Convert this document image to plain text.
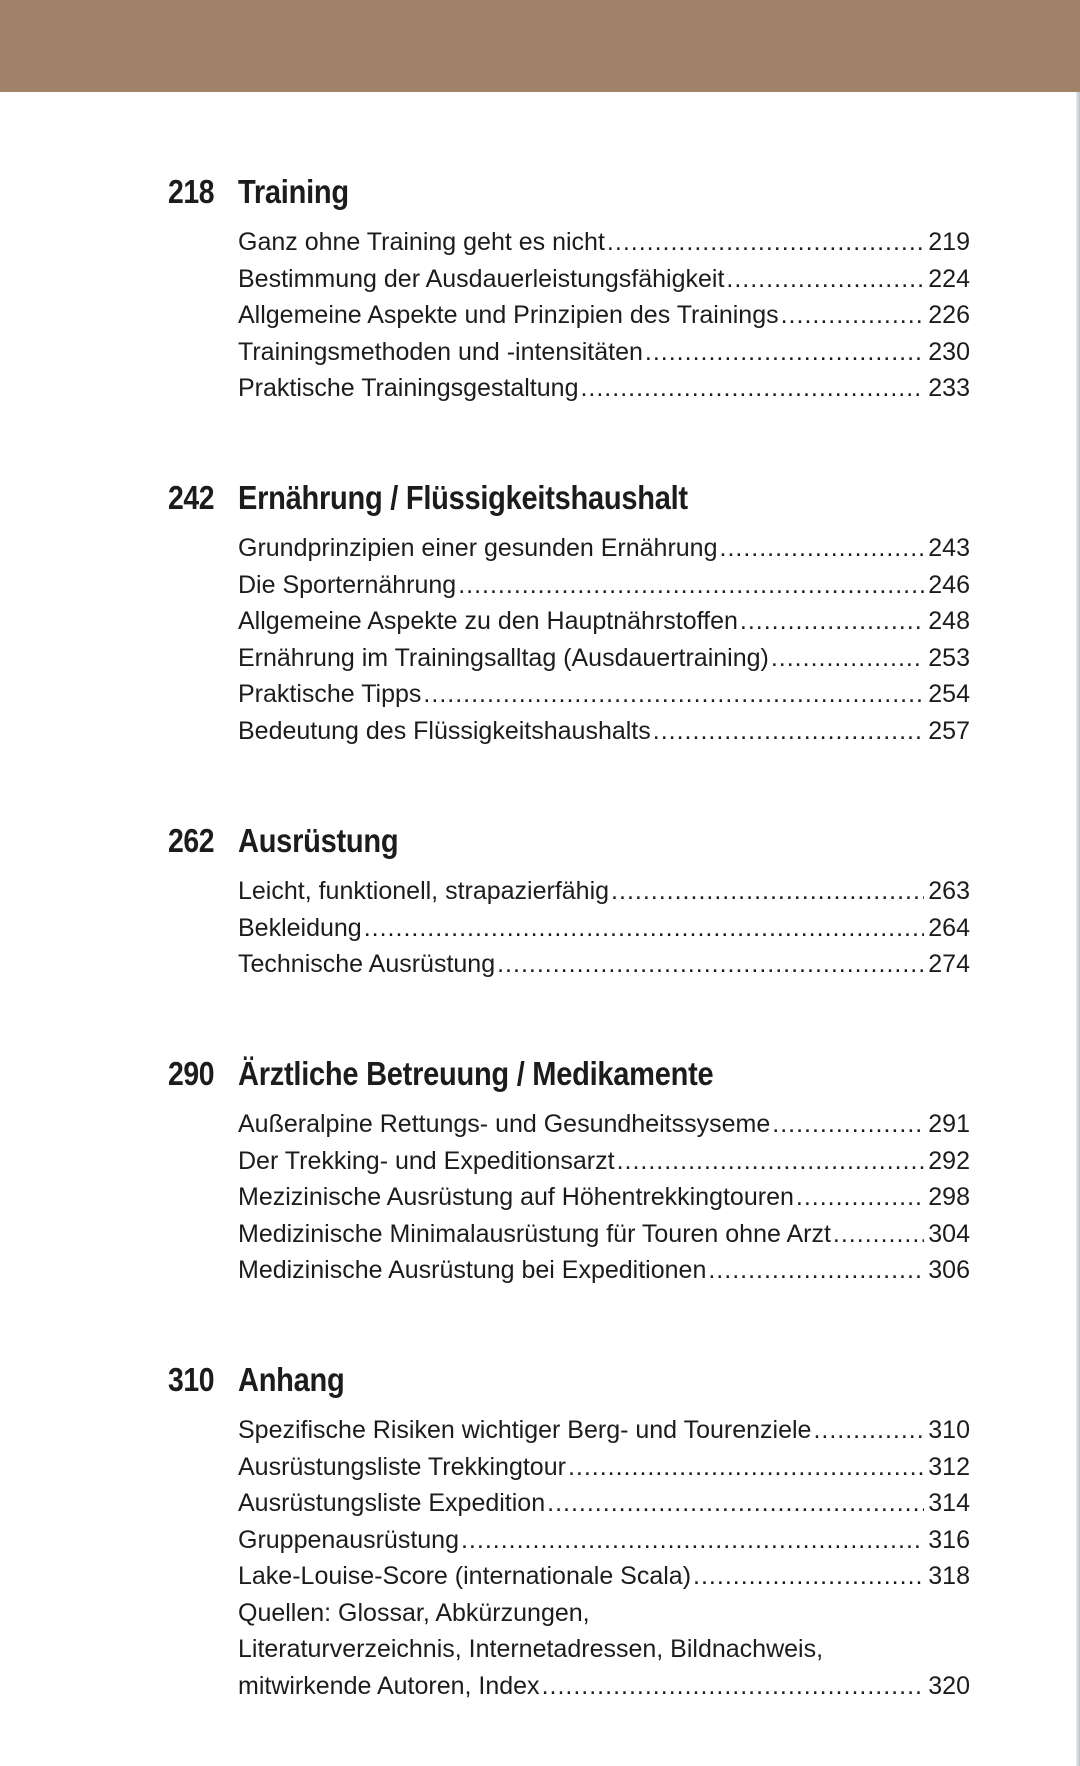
218 Training
Ganz ohne Training geht es nicht .....	219
Bestimmung der Ausdauerleistungsfähigkeit .....	224
Allgemeine Aspekte und Prinzipien des Trainings .....	226
Trainingsmethoden und -intensitäten .....	230
Praktische Trainingsgestaltung .....	233
242 Ernährung / Flüssigkeitshaushalt
Grundprinzipien einer gesunden Ernährung .....	243
Die Sporternährung .....	246
Allgemeine Aspekte zu den Hauptnährstoffen .....	248
Ernährung im Trainingsalltag (Ausdauertraining) .....	253
Praktische Tipps .....	254
Bedeutung des Flüssigkeitshaushalts .....	257
262 Ausrüstung
Leicht, funktionell, strapazierfähig .....	263
Bekleidung .....	264
Technische Ausrüstung .....	274
290 Ärztliche Betreuung / Medikamente
Außeralpine Rettungs- und Gesundheitssyseme .....	291
Der Trekking- und Expeditionsarzt .....	292
Mezizinische Ausrüstung auf Höhentrekkingtouren .....	298
Medizinische Minimalausrüstung für Touren ohne Arzt .....	304
Medizinische Ausrüstung bei Expeditionen .....	306
310 Anhang
Spezifische Risiken wichtiger Berg- und Tourenziele .....	310
Ausrüstungsliste Trekkingtour .....	312
Ausrüstungsliste Expedition .....	314
Gruppenausrüstung .....	316
Lake-Louise-Score (internationale Scala) .....	318
Quellen: Glossar, Abkürzungen,
Literaturverzeichnis, Internetadressen, Bildnachweis,
mitwirkende Autoren, Index .....	320
